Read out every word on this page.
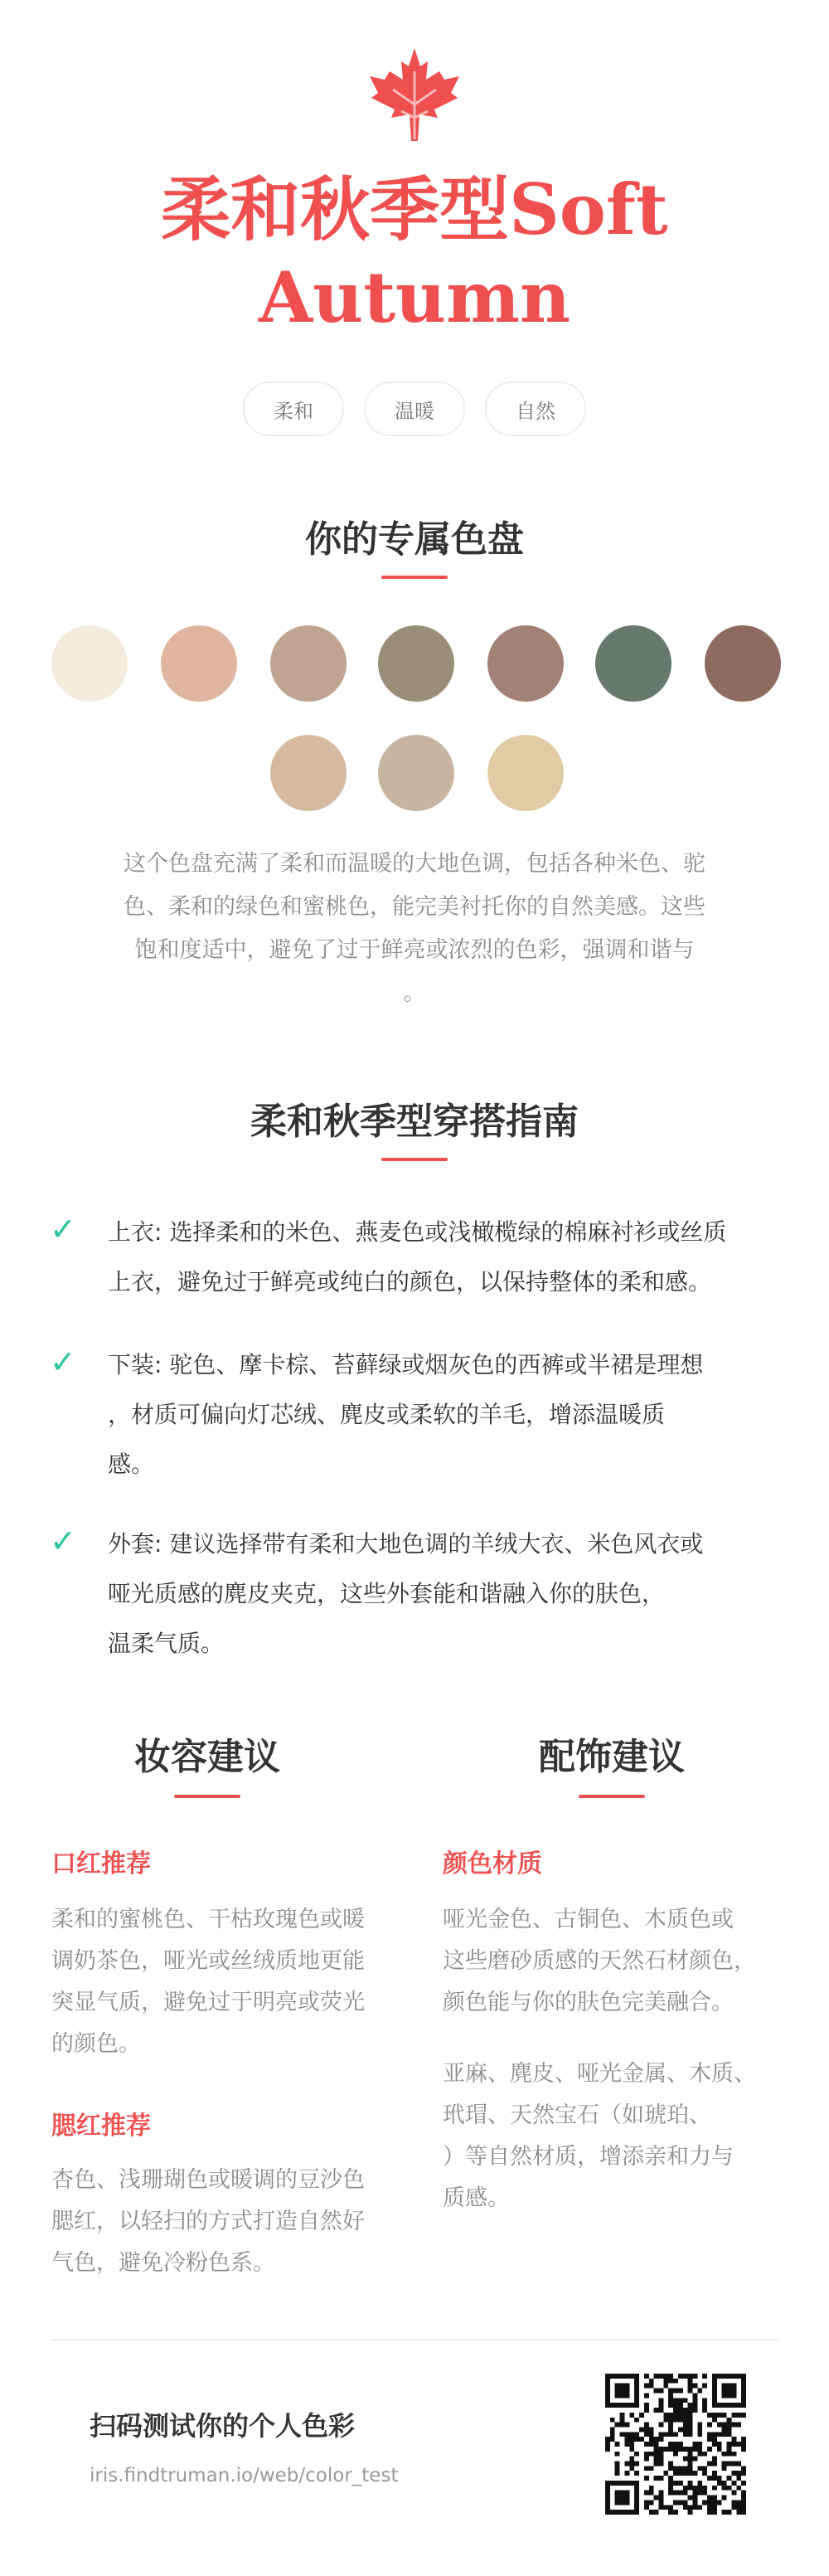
柔和秋季型Soft
Autumn
柔和	温暖	自然
你的专属色盘

这个色盘充满了柔和而温暖的大地色调，包括各种米色、驼
色、柔和的绿色和蜜桃色，能完美衬托你的自然美感。这些
饱和度适中，避免了过于鲜亮或浓烈的色彩，强调和谐与
。

柔和秋季型穿搭指南
✓ 上衣: 选择柔和的米色、燕麦色或浅橄榄绿的棉麻衬衫或丝质
上衣，避免过于鲜亮或纯白的颜色，以保持整体的柔和感。

✓ 下装: 驼色、摩卡棕、苔藓绿或烟灰色的西裤或半裙是理想
，材质可偏向灯芯绒、麂皮或柔软的羊毛，增添温暖质
感。

✓ 外套: 建议选择带有柔和大地色调的羊绒大衣、米色风衣或
哑光质感的麂皮夹克，这些外套能和谐融入你的肤色，
温柔气质。

妆容建议
口红推荐

柔和的蜜桃色、干枯玫瑰色或暖
调奶茶色，哑光或丝绒质地更能
突显气质，避免过于明亮或荧光
的颜色。

腮红推荐

杏色、浅珊瑚色或暖调的豆沙色
腮红，以轻扫的方式打造自然好
气色，避免冷粉色系。

配饰建议
颜色材质

哑光金色、古铜色、木质色或
这些磨砂质感的天然石材颜色，
颜色能与你的肤色完美融合。

亚麻、麂皮、哑光金属、木质、
玳瑁、天然宝石（如琥珀、
）等自然材质，增添亲和力与
质感。

扫码测试你的个人色彩

iris.findtruman.io/web/color_test
